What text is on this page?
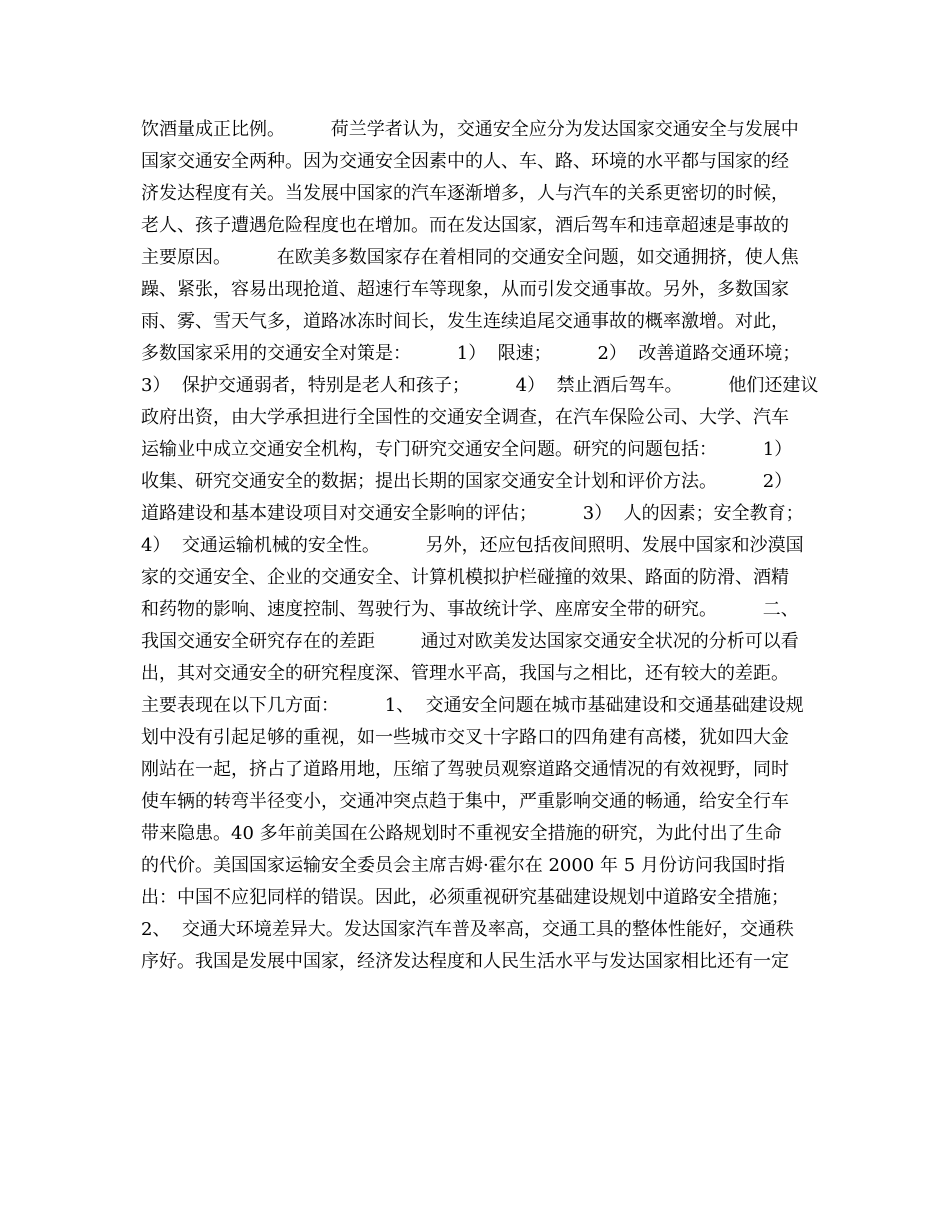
饮酒量成正比例。        荷兰学者认为，交通安全应分为发达国家交通安全与发展中
国家交通安全两种。因为交通安全因素中的人、车、路、环境的水平都与国家的经
济发达程度有关。当发展中国家的汽车逐渐增多，人与汽车的关系更密切的时候，
老人、孩子遭遇危险程度也在增加。而在发达国家，酒后驾车和违章超速是事故的
主要原因。        在欧美多数国家存在着相同的交通安全问题，如交通拥挤，使人焦
躁、紧张，容易出现抢道、超速行车等现象，从而引发交通事故。另外，多数国家
雨、雾、雪天气多，道路冰冻时间长，发生连续追尾交通事故的概率激增。对此，
多数国家采用的交通安全对策是：        1）  限速；        2）  改善道路交通环境；
3）  保护交通弱者，特别是老人和孩子；        4）  禁止酒后驾车。        他们还建议
政府出资，由大学承担进行全国性的交通安全调查，在汽车保险公司、大学、汽车
运输业中成立交通安全机构，专门研究交通安全问题。研究的问题包括：        1）
收集、研究交通安全的数据；提出长期的国家交通安全计划和评价方法。        2）
道路建设和基本建设项目对交通安全影响的评估；        3）  人的因素；安全教育；
4）  交通运输机械的安全性。        另外，还应包括夜间照明、发展中国家和沙漠国
家的交通安全、企业的交通安全、计算机模拟护栏碰撞的效果、路面的防滑、酒精
和药物的影响、速度控制、驾驶行为、事故统计学、座席安全带的研究。        二、
我国交通安全研究存在的差距        通过对欧美发达国家交通安全状况的分析可以看
出，其对交通安全的研究程度深、管理水平高，我国与之相比，还有较大的差距。
主要表现在以下几方面：        1、  交通安全问题在城市基础建设和交通基础建设规
划中没有引起足够的重视，如一些城市交叉十字路口的四角建有高楼，犹如四大金
刚站在一起，挤占了道路用地，压缩了驾驶员观察道路交通情况的有效视野，同时
使车辆的转弯半径变小，交通冲突点趋于集中，严重影响交通的畅通，给安全行车
带来隐患。40 多年前美国在公路规划时不重视安全措施的研究，为此付出了生命
的代价。美国国家运输安全委员会主席吉姆·霍尔在 2000 年 5 月份访问我国时指
出：中国不应犯同样的错误。因此，必须重视研究基础建设规划中道路安全措施；
2、  交通大环境差异大。发达国家汽车普及率高，交通工具的整体性能好，交通秩
序好。我国是发展中国家，经济发达程度和人民生活水平与发达国家相比还有一定
